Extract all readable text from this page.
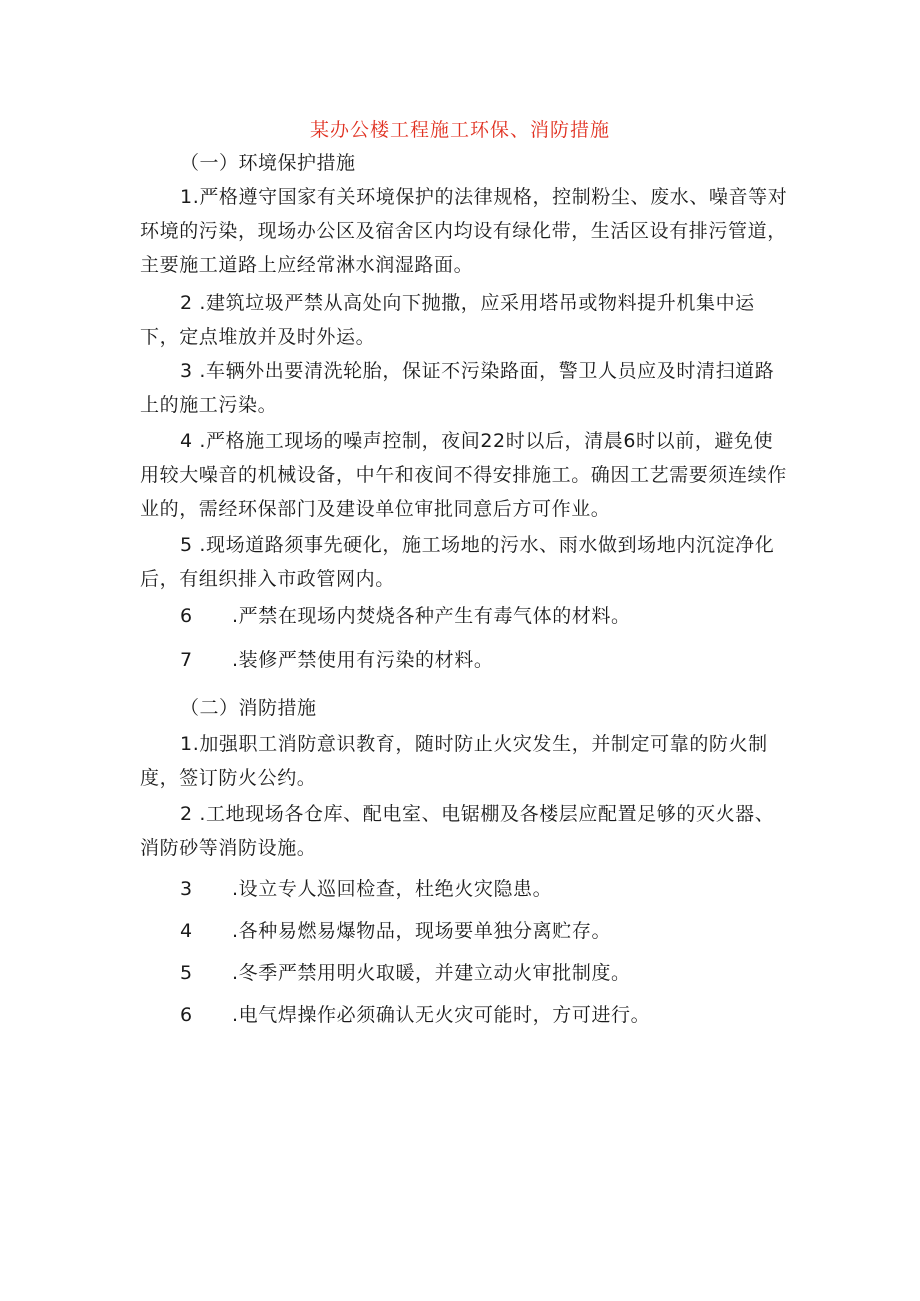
某办公楼工程施工环保、消防措施
（一）环境保护措施

1.严格遵守国家有关环境保护的法律规格，控制粉尘、废水、噪音等对环境的污染，现场办公区及宿舍区内均设有绿化带，生活区设有排污管道，主要施工道路上应经常淋水润湿路面。

2 .建筑垃圾严禁从高处向下抛撒，应采用塔吊或物料提升机集中运下，定点堆放并及时外运。

3 .车辆外出要清洗轮胎，保证不污染路面，警卫人员应及时清扫道路上的施工污染。

4 .严格施工现场的噪声控制，夜间22时以后，清晨6时以前，避免使用较大噪音的机械设备，中午和夜间不得安排施工。确因工艺需要须连续作业的，需经环保部门及建设单位审批同意后方可作业。

5 .现场道路须事先硬化，施工场地的污水、雨水做到场地内沉淀净化后，有组织排入市政管网内。

6 .严禁在现场内焚烧各种产生有毒气体的材料。
7 .装修严禁使用有污染的材料。
（二）消防措施

1.加强职工消防意识教育，随时防止火灾发生，并制定可靠的防火制度，签订防火公约。

2 .工地现场各仓库、配电室、电锯棚及各楼层应配置足够的灭火器、消防砂等消防设施。

3 .设立专人巡回检查，杜绝火灾隐患。
4 .各种易燃易爆物品，现场要单独分离贮存。
5 .冬季严禁用明火取暖，并建立动火审批制度。
6 .电气焊操作必须确认无火灾可能时，方可进行。
